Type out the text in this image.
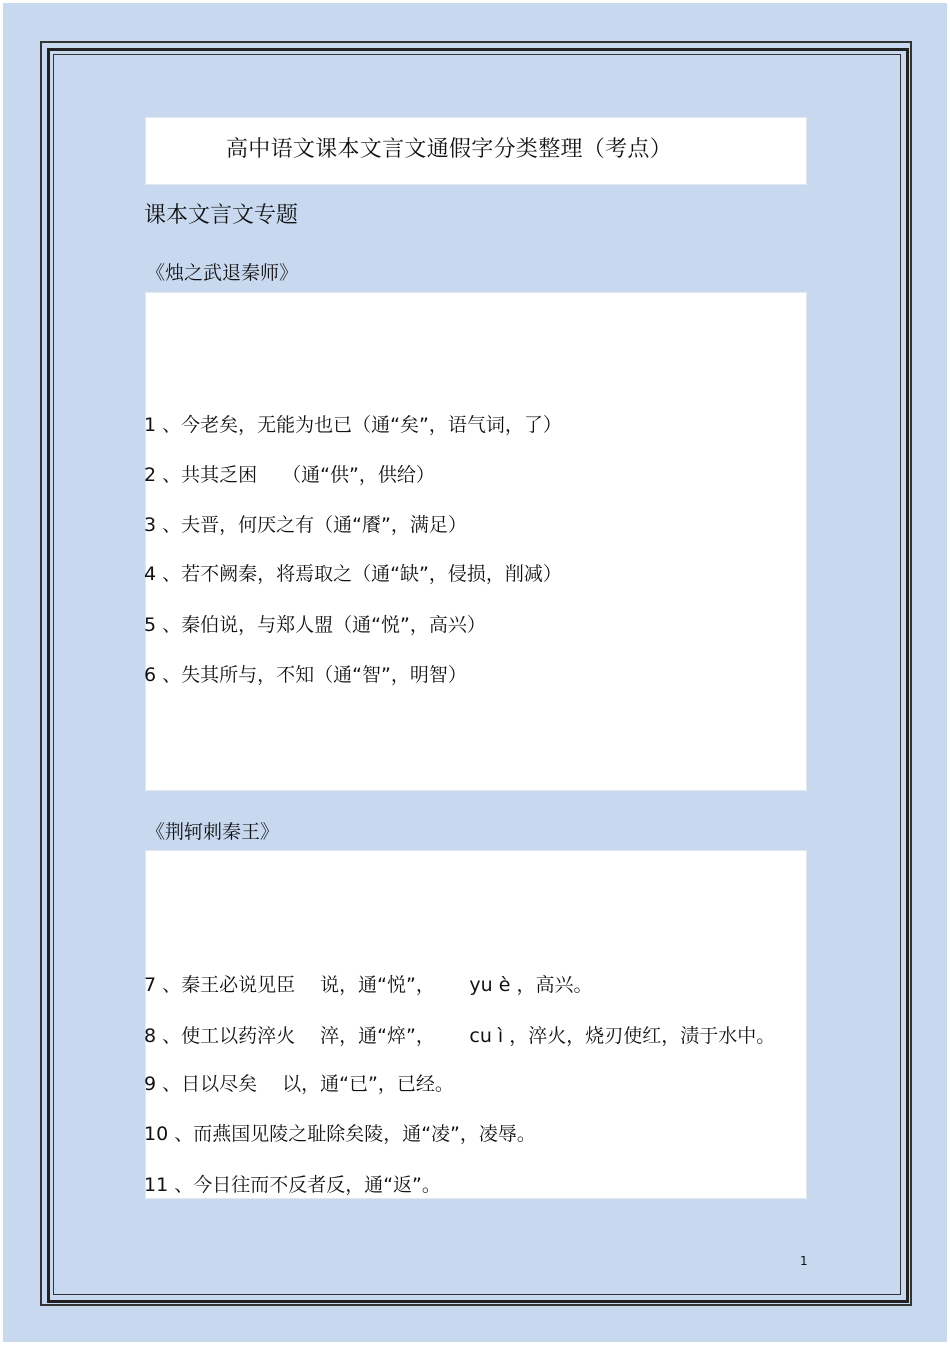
高中语文课本文言文通假字分类整理（考点）
课本文言文专题
《烛之武退秦师》
1 、今老矣，无能为也已（通“矣”，语气词，了）
2 、共其乏困　 （通“供”，供给）
3 、夫晋，何厌之有（通“餍”，满足）
4 、若不阙秦，将焉取之（通“缺”，侵损，削减）
5 、秦伯说，与郑人盟（通“悦”，高兴）
6 、失其所与，不知（通“智”，明智）
《荆轲刺秦王》
7 、秦王必说见臣　 说，通“悦”，　　 yu è ，高兴。
8 、使工以药淬火　 淬，通“焠”，　　 cu ì ，淬火，烧刃使红，渍于水中。
9 、日以尽矣　 以，通“已”，已经。
10 、而燕国见陵之耻除矣陵，通“凌”，凌辱。
11 、今日往而不反者反，通“返”。
1
